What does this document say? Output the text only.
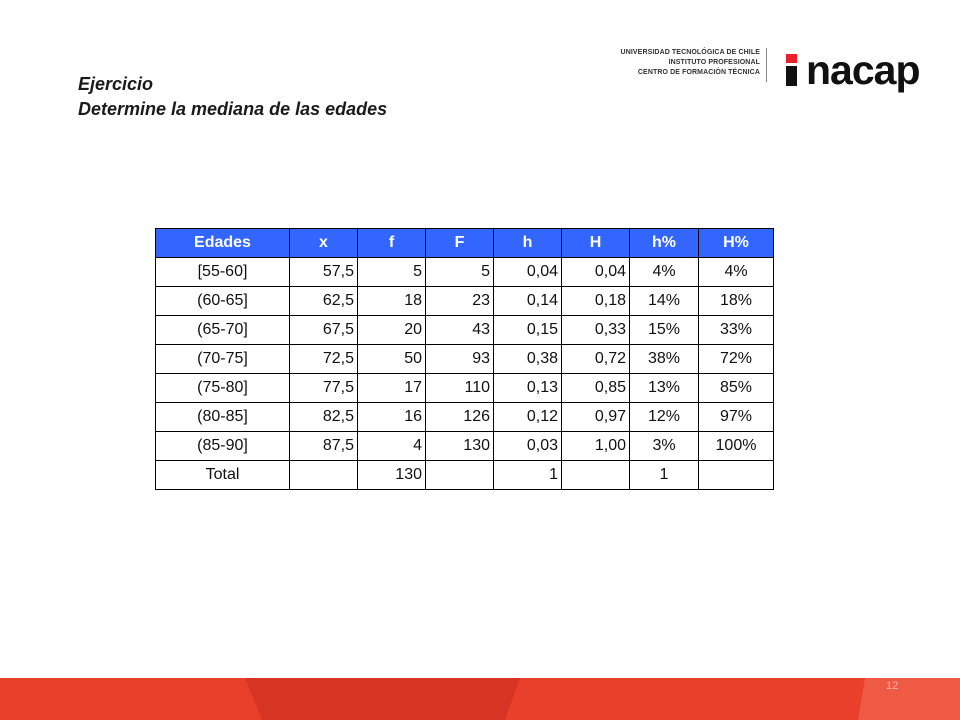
Ejercicio
Determine la mediana de las edades
UNIVERSIDAD TECNOLÓGICA DE CHILE
INSTITUTO PROFESIONAL
CENTRO DE FORMACIÓN TÉCNICA nacap
Edades	x	f	F	h	H	h%	H%
[55-60]	57,5	5	5	0,04	0,04	4%	4%
(60-65]	62,5	18	23	0,14	0,18	14%	18%
(65-70]	67,5	20	43	0,15	0,33	15%	33%
(70-75]	72,5	50	93	0,38	0,72	38%	72%
(75-80]	77,5	17	110	0,13	0,85	13%	85%
(80-85]	82,5	16	126	0,12	0,97	12%	97%
(85-90]	87,5	4	130	0,03	1,00	3%	100%
Total		130		1		1	
12
